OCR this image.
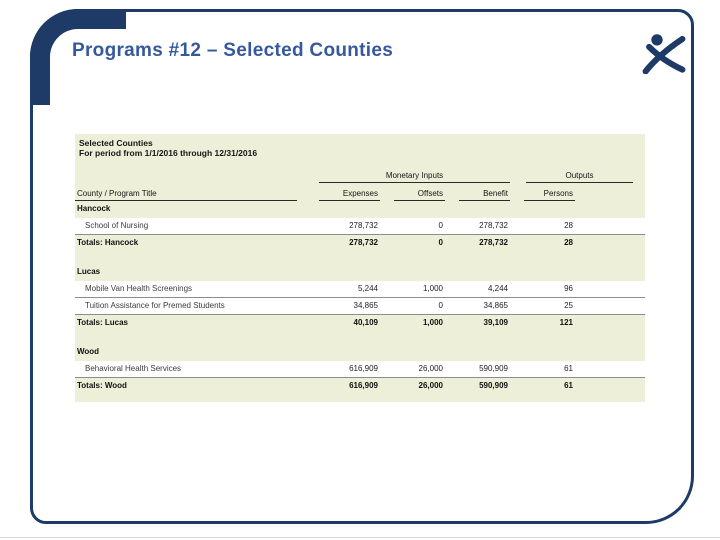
Programs #12 – Selected Counties
Selected Counties
For period from 1/1/2016 through 12/31/2016
Monetary Inputs	Outputs
County / Program Title	Expenses	Offsets	Benefit	Persons
Hancock
School of Nursing	278,732	0	278,732	28
Totals: Hancock	278,732	0	278,732	28
Lucas
Mobile Van Health Screenings	5,244	1,000	4,244	96
Tuition Assistance for Premed Students	34,865	0	34,865	25
Totals: Lucas	40,109	1,000	39,109	121
Wood
Behavioral Health Services	616,909	26,000	590,909	61
Totals: Wood	616,909	26,000	590,909	61
